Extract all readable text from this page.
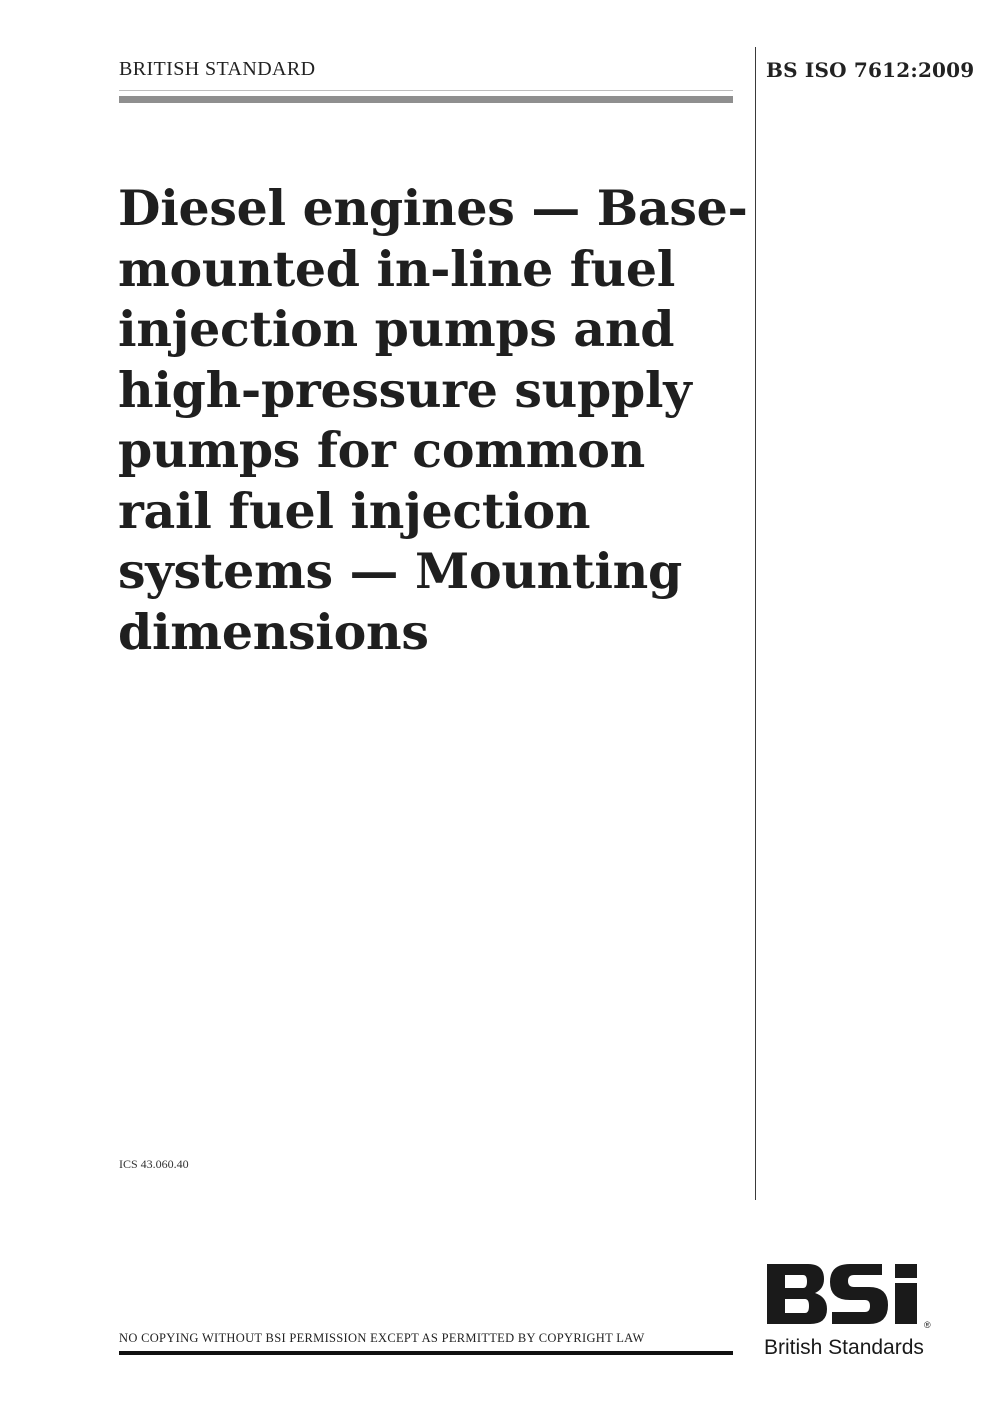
BRITISH STANDARD	BS ISO 7612:2009
Diesel engines — Base-
mounted in-line fuel
injection pumps and
high-pressure supply
pumps for common
rail fuel injection
systems — Mounting
dimensions
ICS 43.060.40
NO COPYING WITHOUT BSI PERMISSION EXCEPT AS PERMITTED BY COPYRIGHT LAW
®
British Standards
